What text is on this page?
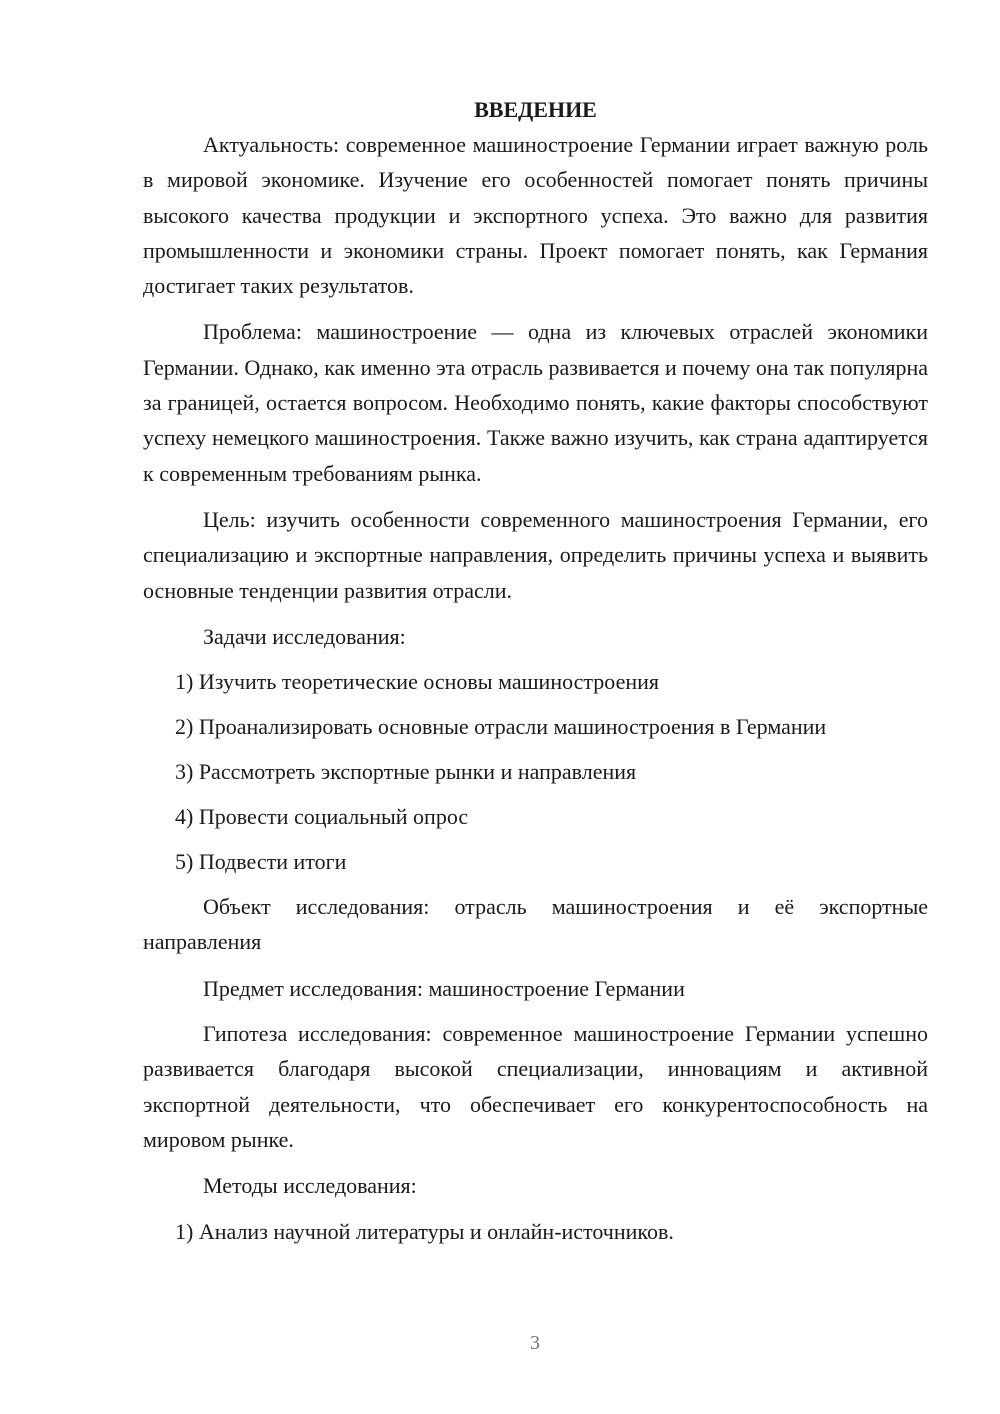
ВВЕДЕНИЕ

Актуальность: современное машиностроение Германии играет важную роль в мировой экономике. Изучение его особенностей помогает понять причины высокого качества продукции и экспортного успеха. Это важно для развития промышленности и экономики страны. Проект помогает понять, как Германия достигает таких результатов.

Проблема: машиностроение — одна из ключевых отраслей экономики Германии. Однако, как именно эта отрасль развивается и почему она так популярна за границей, остается вопросом. Необходимо понять, какие факторы способствуют успеху немецкого машиностроения. Также важно изучить, как страна адаптируется к современным требованиям рынка.

Цель: изучить особенности современного машиностроения Германии, его специализацию и экспортные направления, определить причины успеха и выявить основные тенденции развития отрасли.

Задачи исследования:

1) Изучить теоретические основы машиностроения
2) Проанализировать основные отрасли машиностроения в Германии
3) Рассмотреть экспортные рынки и направления
4) Провести социальный опрос
5) Подвести итоги

Объект исследования: отрасль машиностроения и её экспортные направления

Предмет исследования: машиностроение Германии

Гипотеза исследования: современное машиностроение Германии успешно развивается благодаря высокой специализации, инновациям и активной экспортной деятельности, что обеспечивает его конкурентоспособность на мировом рынке.

Методы исследования:

1) Анализ научной литературы и онлайн-источников.
3
